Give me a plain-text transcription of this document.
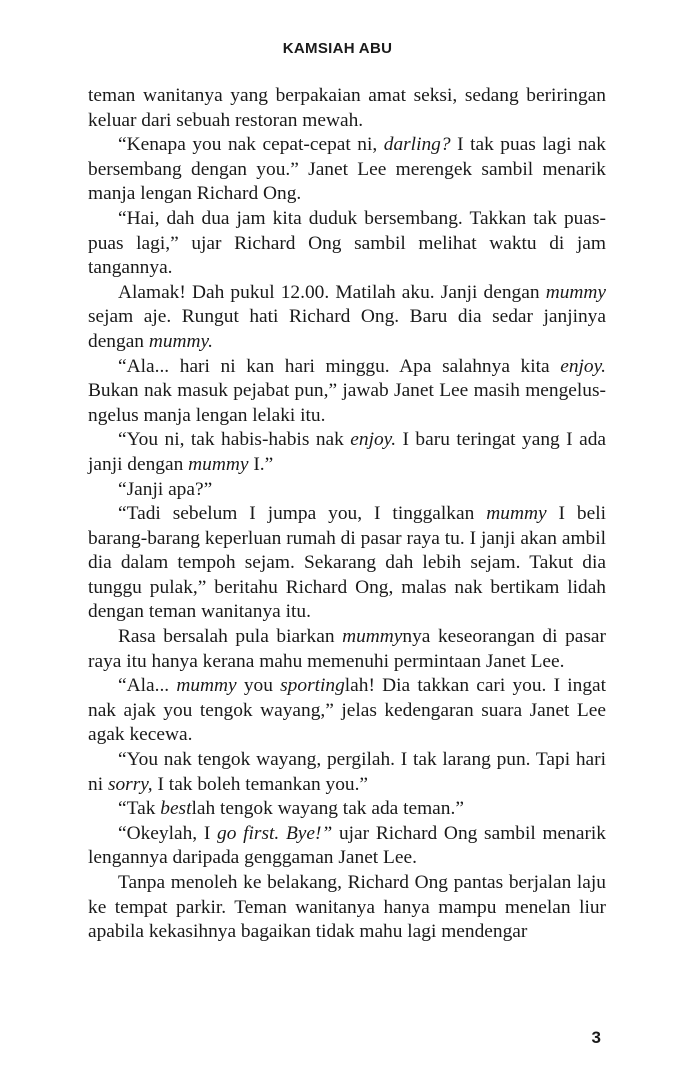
KAMSIAH ABU

teman wanitanya yang berpakaian amat seksi, sedang beriringan keluar dari sebuah restoran mewah.

“Kenapa you nak cepat-cepat ni, darling? I tak puas lagi nak bersembang dengan you.” Janet Lee merengek sambil menarik manja lengan Richard Ong.

“Hai, dah dua jam kita duduk bersembang. Takkan tak puas-puas lagi,” ujar Richard Ong sambil melihat waktu di jam tangannya.

Alamak! Dah pukul 12.00. Matilah aku. Janji dengan mummy sejam aje. Rungut hati Richard Ong. Baru dia sedar janjinya dengan mummy.

“Ala... hari ni kan hari minggu. Apa salahnya kita enjoy. Bukan nak masuk pejabat pun,” jawab Janet Lee masih mengelus-ngelus manja lengan lelaki itu.

“You ni, tak habis-habis nak enjoy. I baru teringat yang I ada janji dengan mummy I.”

“Janji apa?”

“Tadi sebelum I jumpa you, I tinggalkan mummy I beli barang-barang keperluan rumah di pasar raya tu. I janji akan ambil dia dalam tempoh sejam. Sekarang dah lebih sejam. Takut dia tunggu pulak,” beritahu Richard Ong, malas nak bertikam lidah dengan teman wanitanya itu.

Rasa bersalah pula biarkan mummynya keseorangan di pasar raya itu hanya kerana mahu memenuhi permintaan Janet Lee.

“Ala... mummy you sportinglah! Dia takkan cari you. I ingat nak ajak you tengok wayang,” jelas kedengaran suara Janet Lee agak kecewa.

“You nak tengok wayang, pergilah. I tak larang pun. Tapi hari ni sorry, I tak boleh temankan you.”

“Tak bestlah tengok wayang tak ada teman.”

“Okeylah, I go first. Bye!” ujar Richard Ong sambil menarik lengannya daripada genggaman Janet Lee.

Tanpa menoleh ke belakang, Richard Ong pantas berjalan laju ke tempat parkir. Teman wanitanya hanya mampu menelan liur apabila kekasihnya bagaikan tidak mahu lagi mendengar

3
